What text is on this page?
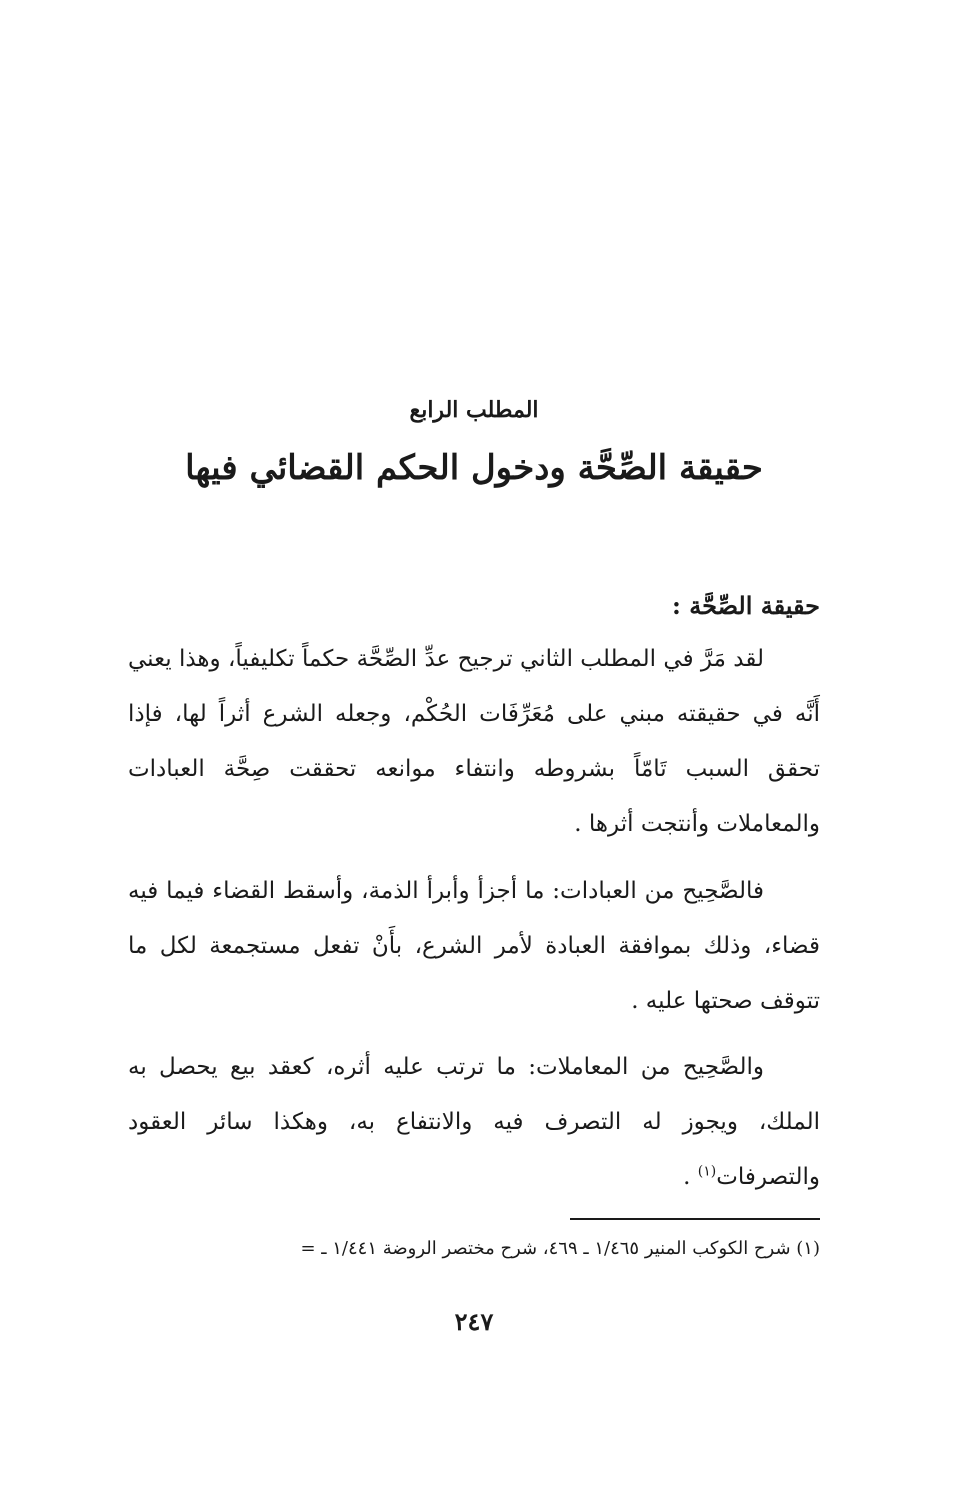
المطلب الرابع
حقيقة الصِّحَّة ودخول الحكم القضائي فيها
حقيقة الصِّحَّة :

لقد مَرَّ في المطلب الثاني ترجيح عدِّ الصِّحَّة حكماً تكليفياً، وهذا يعني أَنَّه في حقيقته مبني على مُعَرِّفَات الحُكْم، وجعله الشرع أثراً لها، فإذا تحقق السبب تَامّاً بشروطه وانتفاء موانعه تحققت صِحَّة العبادات والمعاملات وأنتجت أثرها .

فالصَّحِيح من العبادات: ما أجزأ وأبرأ الذمة، وأسقط القضاء فيما فيه قضاء، وذلك بموافقة العبادة لأمر الشرع، بأَنْ تفعل مستجمعة لكل ما تتوقف صحتها عليه .

والصَّحِيح من المعاملات: ما ترتب عليه أثره، كعقد بيع يحصل به الملك، ويجوز له التصرف فيه والانتفاع به، وهكذا سائر العقود والتصرفات$^{(١)}$ .

(١) شرح الكوكب المنير ١/٤٦٥ ـ ٤٦٩، شرح مختصر الروضة ١/٤٤١ ـ =
٢٤٧
